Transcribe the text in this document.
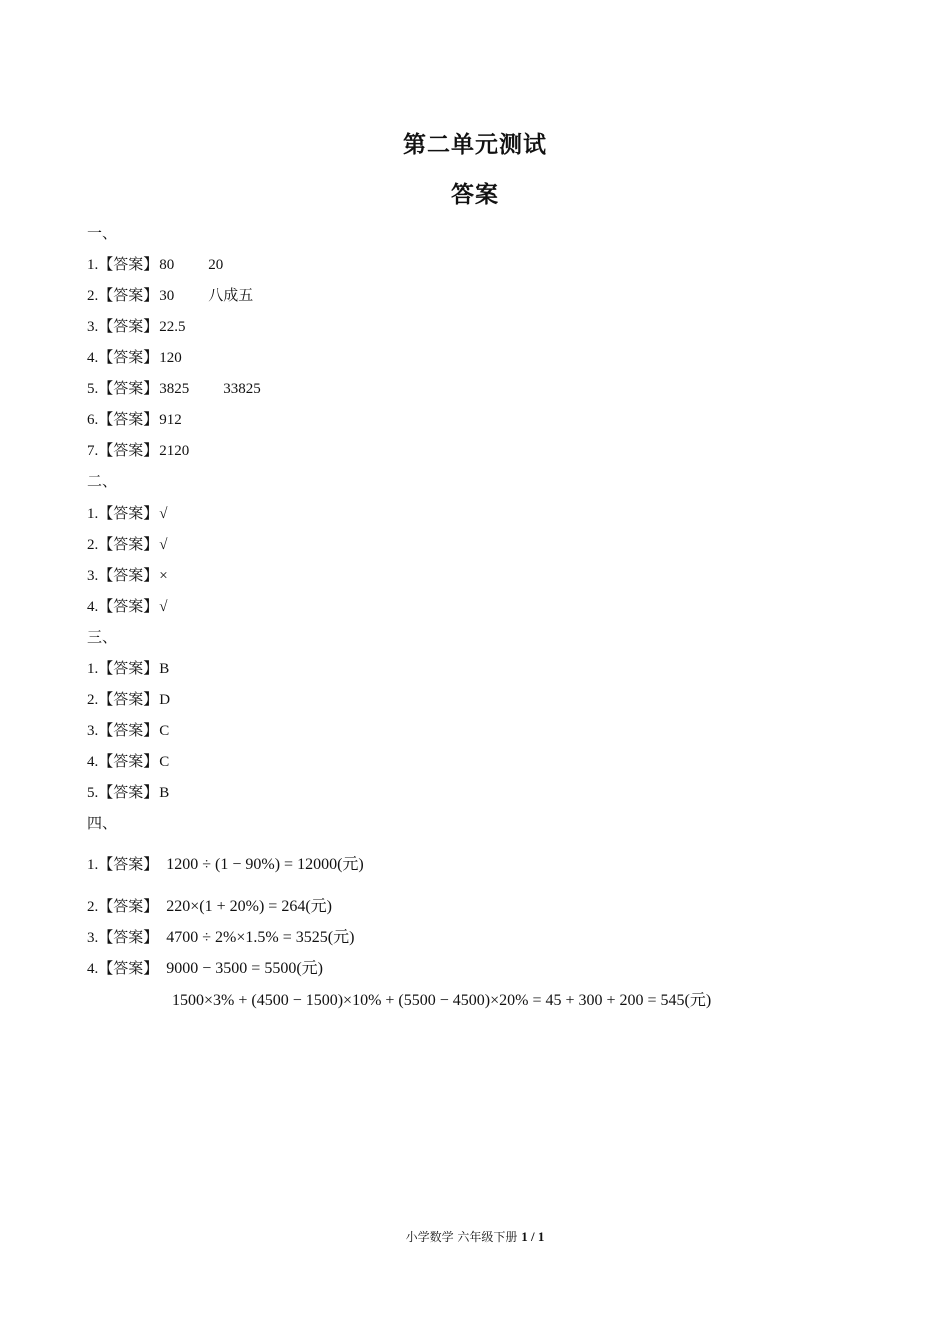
第二单元测试
答案
一、
1.【答案】80 20
2.【答案】30 八成五
3.【答案】22.5
4.【答案】120
5.【答案】3825 33825
6.【答案】912
7.【答案】2120
二、
1.【答案】√
2.【答案】√
3.【答案】×
4.【答案】√
三、
1.【答案】B
2.【答案】D
3.【答案】C
4.【答案】C
5.【答案】B
四、
1.【答案】 1200 ÷ (1 − 90%) = 12000(元)
2.【答案】 220×(1 + 20%) = 264(元)
3.【答案】 4700 ÷ 2%×1.5% = 3525(元)
4.【答案】 9000 − 3500 = 5500(元)
1500×3% + (4500 − 1500)×10% + (5500 − 4500)×20% = 45 + 300 + 200 = 545(元)
小学数学 六年级下册 1 / 1
